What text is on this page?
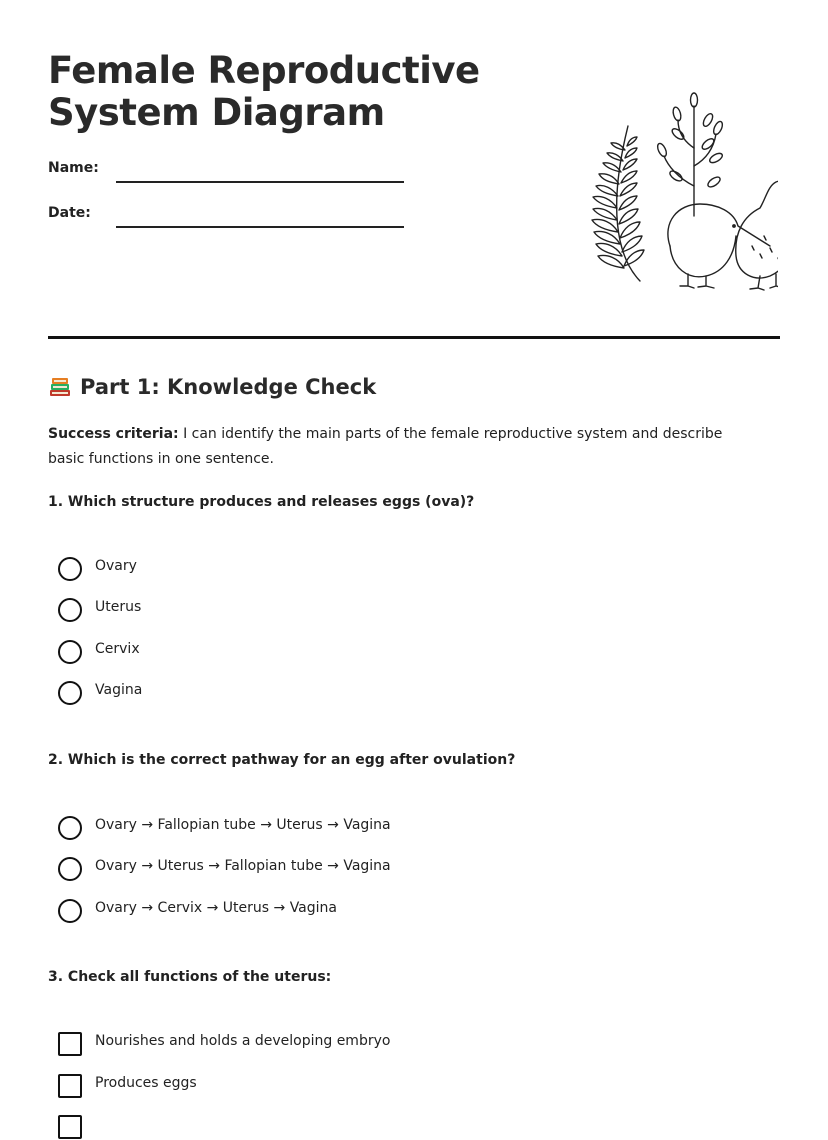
Female Reproductive
System Diagram
Name:
Date:
Part 1: Knowledge Check
Success criteria: I can identify the main parts of the female reproductive system and describe basic functions in one sentence.
1. Which structure produces and releases eggs (ova)?
Ovary
Uterus
Cervix
Vagina
2. Which is the correct pathway for an egg after ovulation?
Ovary → Fallopian tube → Uterus → Vagina
Ovary → Uterus → Fallopian tube → Vagina
Ovary → Cervix → Uterus → Vagina
3. Check all functions of the uterus:
Nourishes and holds a developing embryo
Produces eggs
